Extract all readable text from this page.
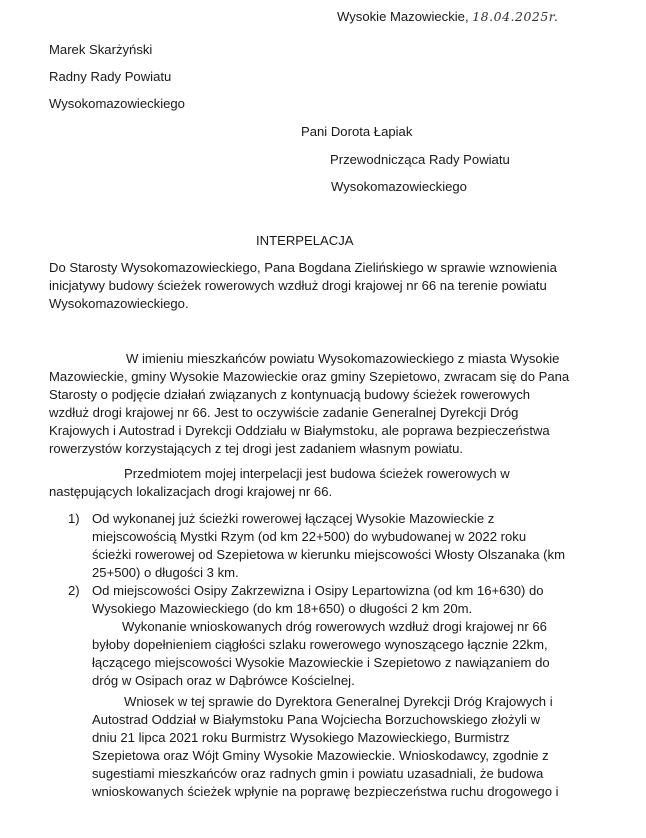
Wysokie Mazowieckie, 18.04.2025r.
Marek Skarżyński
Radny Rady Powiatu
Wysokomazowieckiego
Pani Dorota Łapiak
Przewodnicząca Rady Powiatu
Wysokomazowieckiego
INTERPELACJA
Do Starosty Wysokomazowieckiego, Pana Bogdana Zielińskiego w sprawie wznowienia
inicjatywy budowy ścieżek rowerowych wzdłuż drogi krajowej nr 66 na terenie powiatu
Wysokomazowieckiego.
W imieniu mieszkańców powiatu Wysokomazowieckiego z miasta Wysokie
Mazowieckie, gminy Wysokie Mazowieckie oraz gminy Szepietowo, zwracam się do Pana
Starosty o podjęcie działań związanych z kontynuacją budowy ścieżek rowerowych
wzdłuż drogi krajowej nr 66. Jest to oczywiście zadanie Generalnej Dyrekcji Dróg
Krajowych i Autostrad i Dyrekcji Oddziału w Białymstoku, ale poprawa bezpieczeństwa
rowerzystów korzystających z tej drogi jest zadaniem własnym powiatu.
Przedmiotem mojej interpelacji jest budowa ścieżek rowerowych w
następujących lokalizacjach drogi krajowej nr 66.
1) Od wykonanej już ścieżki rowerowej łączącej Wysokie Mazowieckie z
miejscowością Mystki Rzym (od km 22+500) do wybudowanej w 2022 roku
ścieżki rowerowej od Szepietowa w kierunku miejscowości Włosty Olszanaka (km
25+500) o długości 3 km.
2) Od miejscowości Osipy Zakrzewizna i Osipy Lepartowizna (od km 16+630) do
Wysokiego Mazowieckiego (do km 18+650) o długości 2 km 20m.
Wykonanie wnioskowanych dróg rowerowych wzdłuż drogi krajowej nr 66
byłoby dopełnieniem ciągłości szlaku rowerowego wynoszącego łącznie 22km,
łączącego miejscowości Wysokie Mazowieckie i Szepietowo z nawiązaniem do
dróg w Osipach oraz w Dąbrówce Kościelnej.
Wniosek w tej sprawie do Dyrektora Generalnej Dyrekcji Dróg Krajowych i
Autostrad Oddział w Białymstoku Pana Wojciecha Borzuchowskiego złożyli w
dniu 21 lipca 2021 roku Burmistrz Wysokiego Mazowieckiego, Burmistrz
Szepietowa oraz Wójt Gminy Wysokie Mazowieckie. Wnioskodawcy, zgodnie z
sugestiami mieszkańców oraz radnych gmin i powiatu uzasadniali, że budowa
wnioskowanych ścieżek wpłynie na poprawę bezpieczeństwa ruchu drogowego i
